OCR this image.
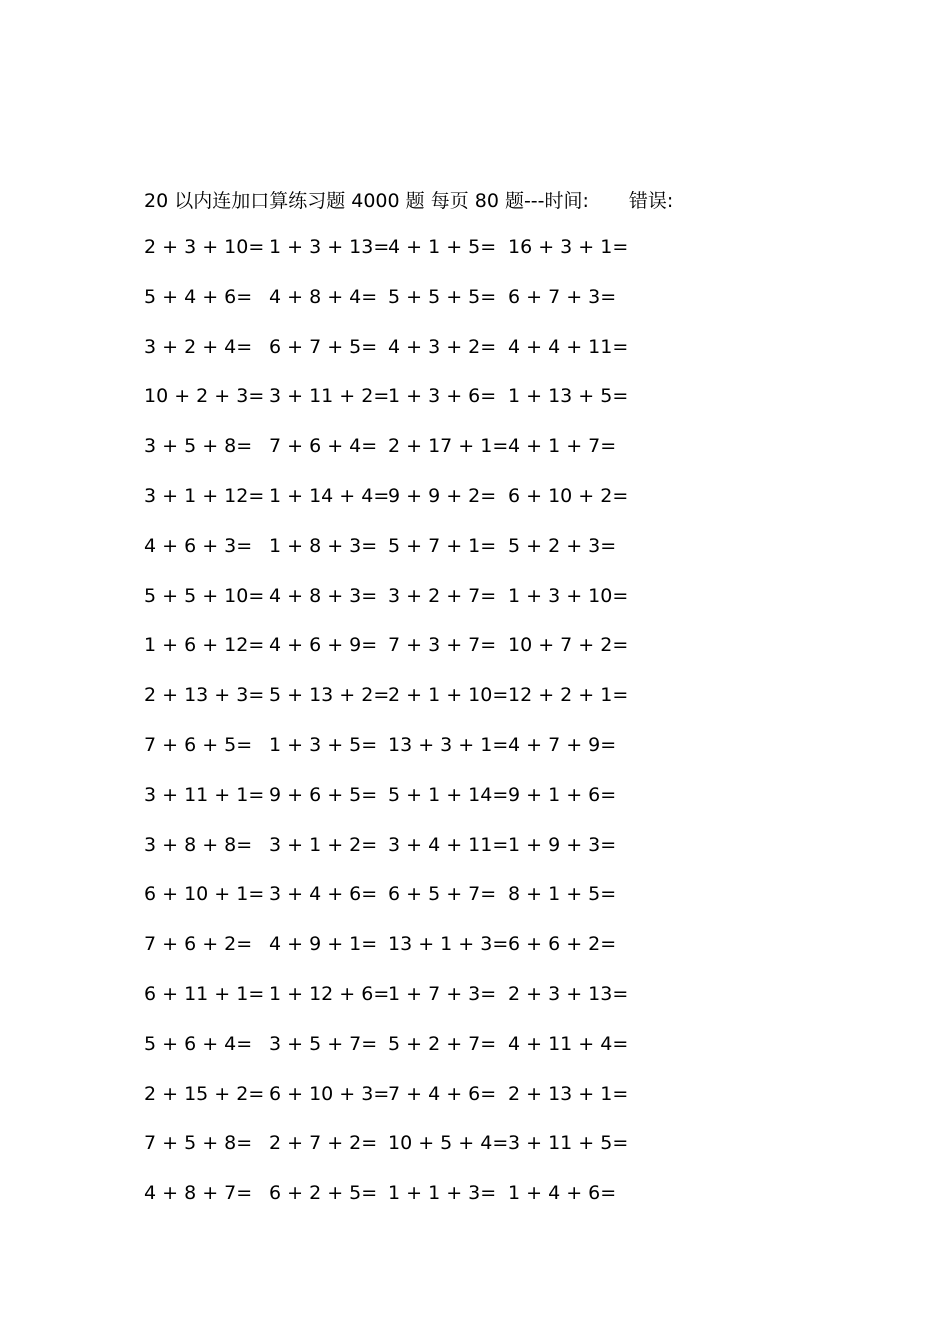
20 以内连加口算练习题 4000 题 每页 80 题---时间: 错误:
2 + 3 + 10= 1 + 3 + 13=
4 + 1 + 5= 16 + 3 + 1=
5 + 4 + 6= 4 + 8 + 4= 5 + 5 + 5= 6 + 7 + 3=
3 + 2 + 4= 6 + 7 + 5= 4 + 3 + 2= 4 + 4 + 11=
10 + 2 + 3= 3 + 11 + 2=
1 + 3 + 6= 1 + 13 + 5=
3 + 5 + 8= 7 + 6 + 4= 2 + 17 + 1= 4 + 1 + 7=
3 + 1 + 12= 1 + 14 + 4=
9 + 9 + 2= 6 + 10 + 2=
4 + 6 + 3= 1 + 8 + 3= 5 + 7 + 1= 5 + 2 + 3=
5 + 5 + 10= 4 + 8 + 3= 3 + 2 + 7= 1 + 3 + 10=
1 + 6 + 12= 4 + 6 + 9= 7 + 3 + 7= 10 + 7 + 2=
2 + 13 + 3= 5 + 13 + 2=
2 + 1 + 10= 12 + 2 + 1=
7 + 6 + 5= 1 + 3 + 5= 13 + 3 + 1= 4 + 7 + 9=
3 + 11 + 1= 9 + 6 + 5= 5 + 1 + 14= 9 + 1 + 6=
3 + 8 + 8= 3 + 1 + 2= 3 + 4 + 11= 1 + 9 + 3=
6 + 10 + 1= 3 + 4 + 6= 6 + 5 + 7= 8 + 1 + 5=
7 + 6 + 2= 4 + 9 + 1= 13 + 1 + 3= 6 + 6 + 2=
6 + 11 + 1= 1 + 12 + 6=
1 + 7 + 3= 2 + 3 + 13=
5 + 6 + 4= 3 + 5 + 7= 5 + 2 + 7= 4 + 11 + 4=
2 + 15 + 2= 6 + 10 + 3=
7 + 4 + 6= 2 + 13 + 1=
7 + 5 + 8= 2 + 7 + 2= 10 + 5 + 4= 3 + 11 + 5=
4 + 8 + 7= 6 + 2 + 5= 1 + 1 + 3= 1 + 4 + 6=
